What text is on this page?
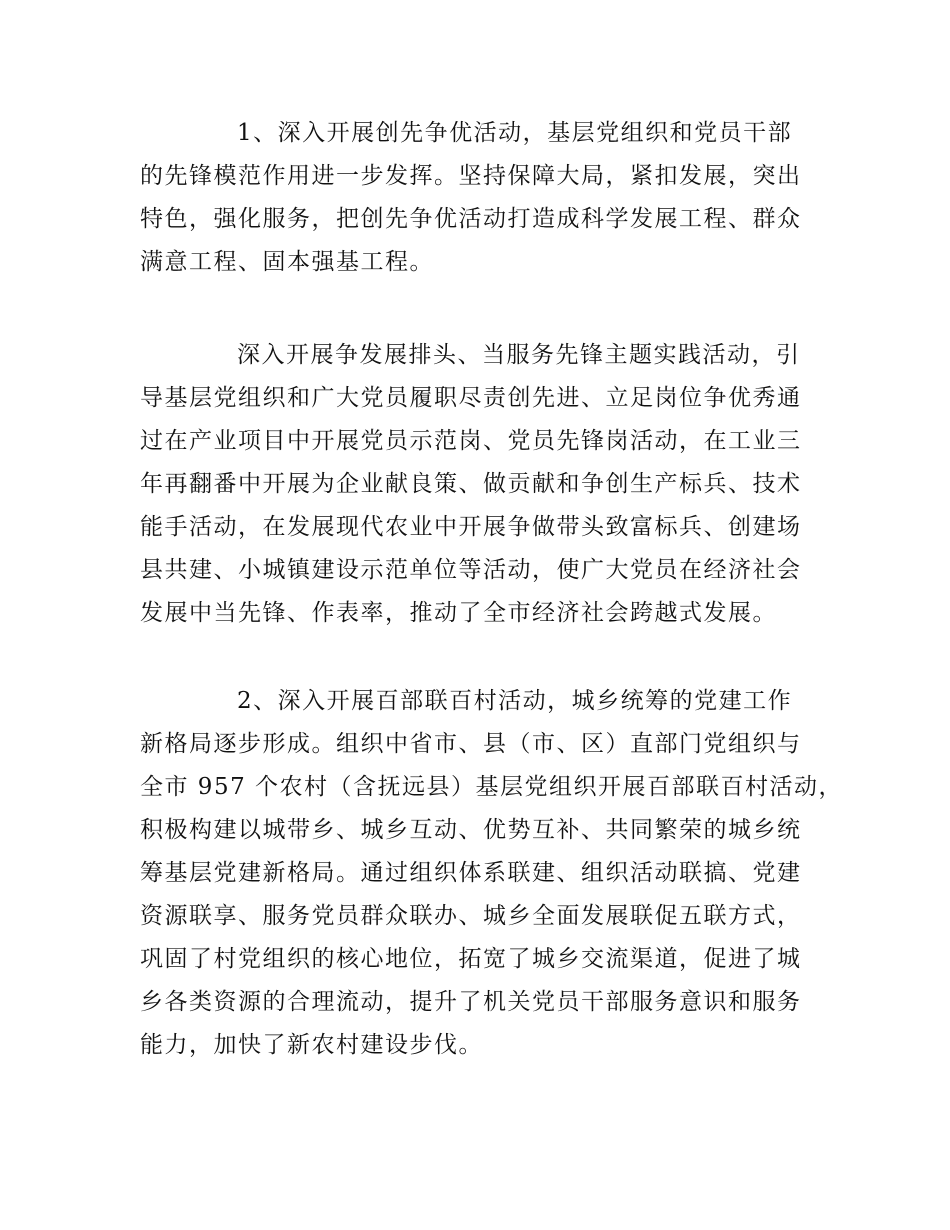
1、深入开展创先争优活动，基层党组织和党员干部
的先锋模范作用进一步发挥。坚持保障大局，紧扣发展，突出
特色，强化服务，把创先争优活动打造成科学发展工程、群众
满意工程、固本强基工程。
深入开展争发展排头、当服务先锋主题实践活动，引
导基层党组织和广大党员履职尽责创先进、立足岗位争优秀通
过在产业项目中开展党员示范岗、党员先锋岗活动，在工业三
年再翻番中开展为企业献良策、做贡献和争创生产标兵、技术
能手活动，在发展现代农业中开展争做带头致富标兵、创建场
县共建、小城镇建设示范单位等活动，使广大党员在经济社会
发展中当先锋、作表率，推动了全市经济社会跨越式发展。
2、深入开展百部联百村活动，城乡统筹的党建工作
新格局逐步形成。组织中省市、县（市、区）直部门党组织与
全市 957 个农村（含抚远县）基层党组织开展百部联百村活动，
积极构建以城带乡、城乡互动、优势互补、共同繁荣的城乡统
筹基层党建新格局。通过组织体系联建、组织活动联搞、党建
资源联享、服务党员群众联办、城乡全面发展联促五联方式，
巩固了村党组织的核心地位，拓宽了城乡交流渠道，促进了城
乡各类资源的合理流动，提升了机关党员干部服务意识和服务
能力，加快了新农村建设步伐。
